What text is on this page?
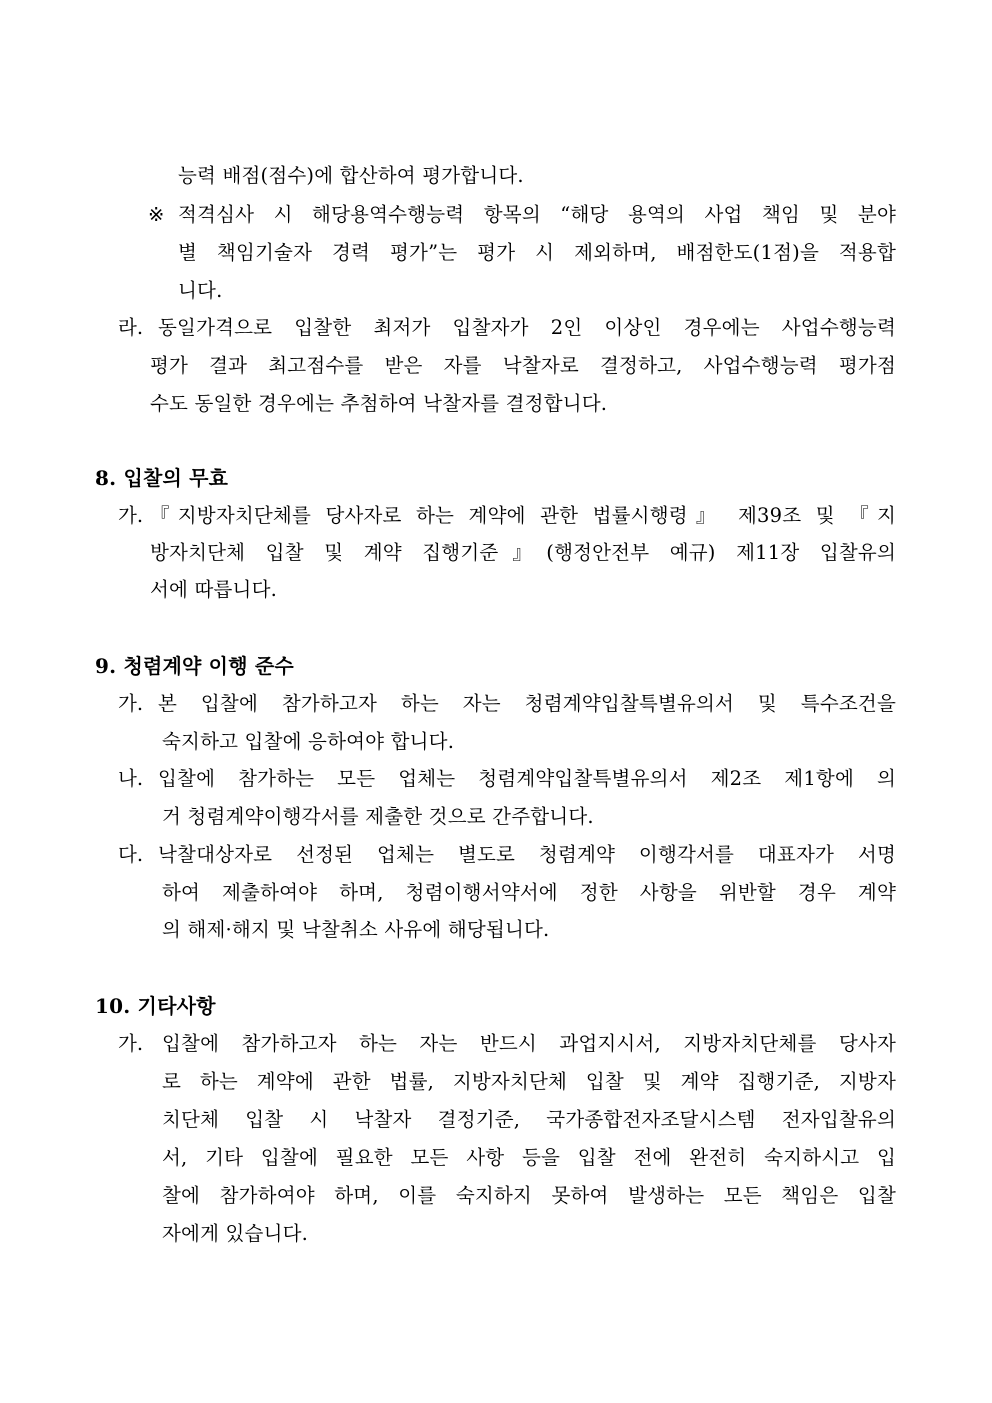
능력 배점(점수)에 합산하여 평가합니다.
※ 적격심사 시 해당용역수행능력 항목의 “해당 용역의 사업 책임 및 분야
별 책임기술자 경력 평가”는 평가 시 제외하며, 배점한도(1점)을 적용합
니다.
라. 동일가격으로 입찰한 최저가 입찰자가 2인 이상인 경우에는 사업수행능력
평가 결과 최고점수를 받은 자를 낙찰자로 결정하고, 사업수행능력 평가점
수도 동일한 경우에는 추첨하여 낙찰자를 결정합니다.
8. 입찰의 무효
가. 『지방자치단체를 당사자로 하는 계약에 관한 법률시행령』 제39조 및 『지
방자치단체 입찰 및 계약 집행기준』(행정안전부 예규) 제11장 입찰유의
서에 따릅니다.
9. 청렴계약 이행 준수
가. 본 입찰에 참가하고자 하는 자는 청렴계약입찰특별유의서 및 특수조건을
숙지하고 입찰에 응하여야 합니다.
나. 입찰에 참가하는 모든 업체는 청렴계약입찰특별유의서 제2조 제1항에 의
거 청렴계약이행각서를 제출한 것으로 간주합니다.
다. 낙찰대상자로 선정된 업체는 별도로 청렴계약 이행각서를 대표자가 서명
하여 제출하여야 하며, 청렴이행서약서에 정한 사항을 위반할 경우 계약
의 해제·해지 및 낙찰취소 사유에 해당됩니다.
10. 기타사항
가. 입찰에 참가하고자 하는 자는 반드시 과업지시서, 지방자치단체를 당사자
로 하는 계약에 관한 법률, 지방자치단체 입찰 및 계약 집행기준, 지방자
치단체 입찰 시 낙찰자 결정기준, 국가종합전자조달시스템 전자입찰유의
서, 기타 입찰에 필요한 모든 사항 등을 입찰 전에 완전히 숙지하시고 입
찰에 참가하여야 하며, 이를 숙지하지 못하여 발생하는 모든 책임은 입찰
자에게 있습니다.
